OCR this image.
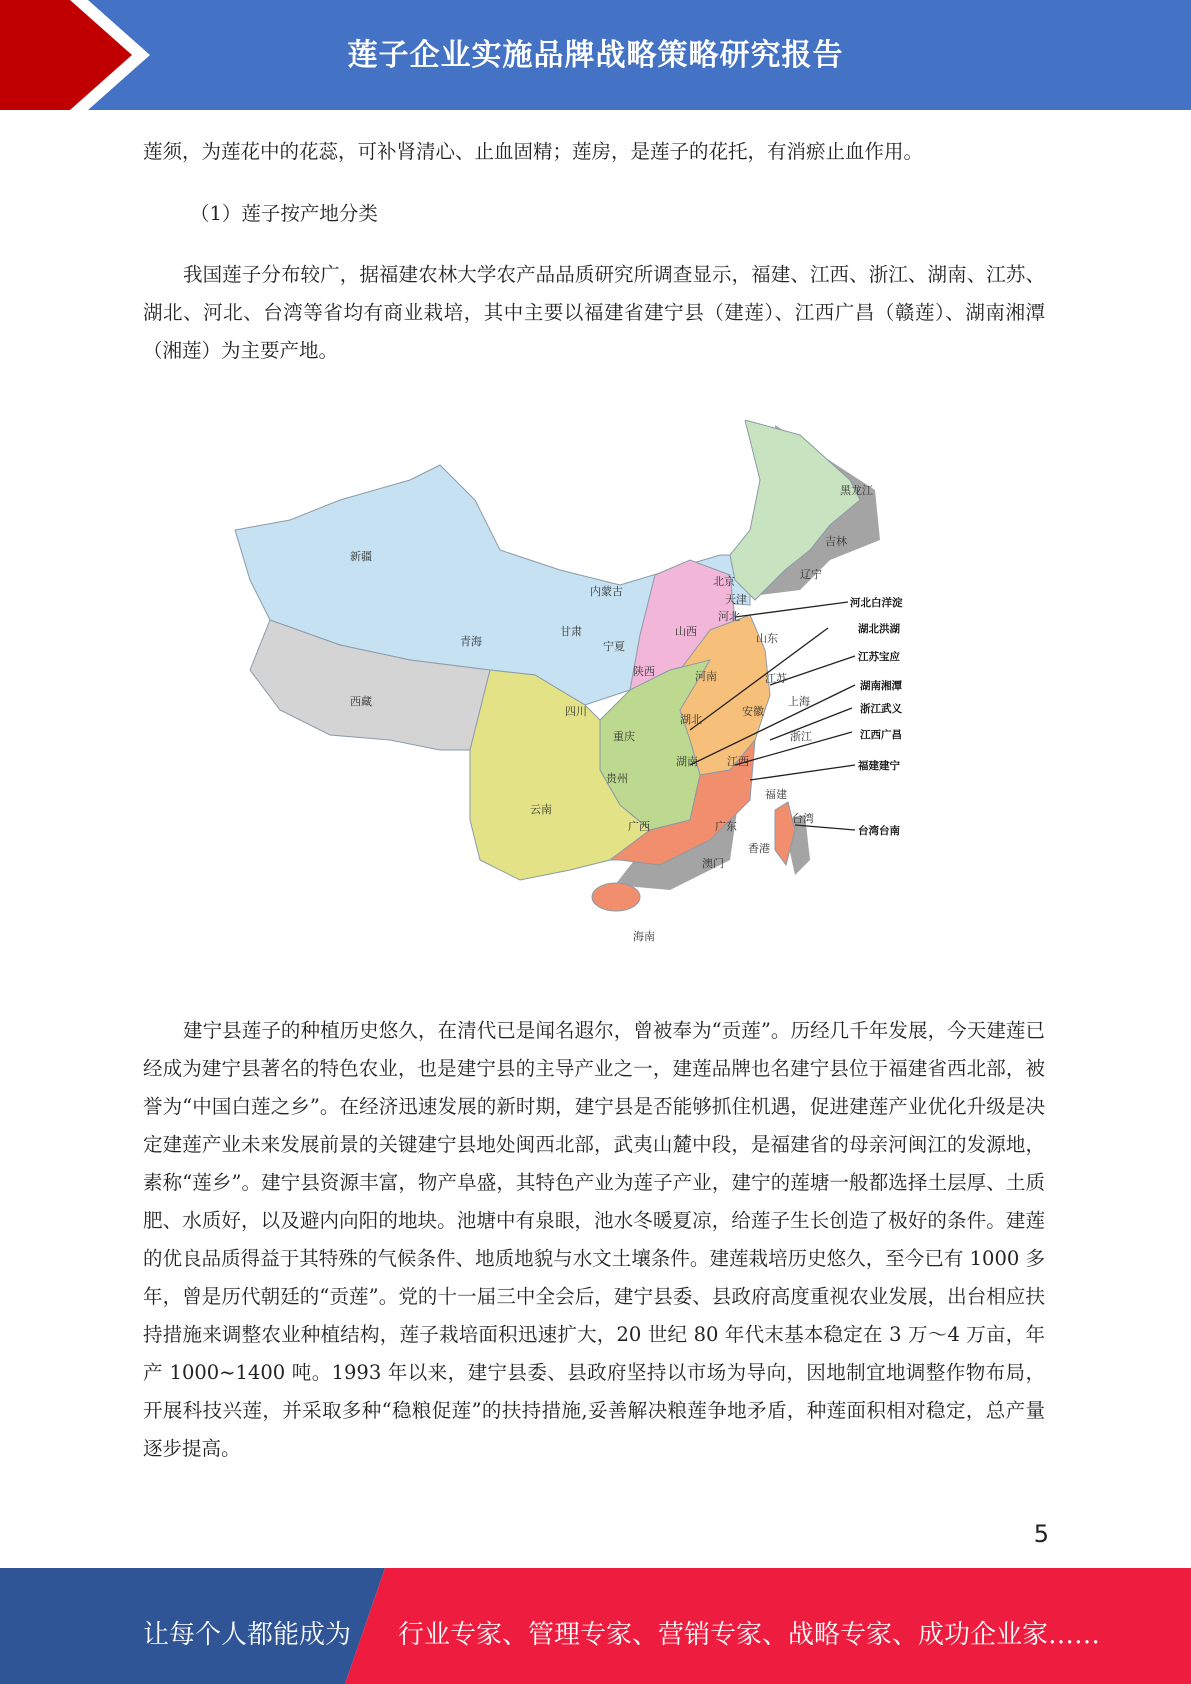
莲子企业实施品牌战略策略研究报告

莲须，为莲花中的花蕊，可补肾清心、止血固精；莲房，是莲子的花托，有消瘀止血作用。

（1）莲子按产地分类

我国莲子分布较广，据福建农林大学农产品品质研究所调查显示，福建、江西、浙江、湖南、江苏、湖北、河北、台湾等省均有商业栽培，其中主要以福建省建宁县（建莲）、江西广昌（赣莲）、湖南湘潭（湘莲）为主要产地。

新疆
西藏
青海
甘肃
内蒙古
宁夏
陕西
山西
北京
天津
河北
黑龙江
吉林
辽宁
山东
河南	江苏
安徽
湖北
上海
浙江
四川
重庆
贵州
湖南	江西
福建
云南
广西	广东
香港
澳门
海南
台湾
河北白洋淀
湖北洪湖
江苏宝应
湖南湘潭
浙江武义
江西广昌
福建建宁
台湾台南

建宁县莲子的种植历史悠久，在清代已是闻名遐尔，曾被奉为“贡莲”。历经几千年发展，今天建莲已经成为建宁县著名的特色农业，也是建宁县的主导产业之一，建莲品牌也名建宁县位于福建省西北部，被誉为“中国白莲之乡”。在经济迅速发展的新时期，建宁县是否能够抓住机遇，促进建莲产业优化升级是决定建莲产业未来发展前景的关键建宁县地处闽西北部，武夷山麓中段，是福建省的母亲河闽江的发源地，素称“莲乡”。建宁县资源丰富，物产阜盛，其特色产业为莲子产业，建宁的莲塘一般都选择土层厚、土质肥、水质好，以及避内向阳的地块。池塘中有泉眼，池水冬暖夏凉，给莲子生长创造了极好的条件。建莲的优良品质得益于其特殊的气候条件、地质地貌与水文土壤条件。建莲栽培历史悠久，至今已有 1000 多年，曾是历代朝廷的“贡莲”。党的十一届三中全会后，建宁县委、县政府高度重视农业发展，出台相应扶持措施来调整农业种植结构，莲子栽培面积迅速扩大，20 世纪 80 年代末基本稳定在 3 万～4 万亩，年产 1000~1400 吨。1993 年以来，建宁县委、县政府坚持以市场为导向，因地制宜地调整作物布局，开展科技兴莲，并采取多种“稳粮促莲”的扶持措施,妥善解决粮莲争地矛盾，种莲面积相对稳定，总产量逐步提高。

5
让每个人都能成为 行业专家、管理专家、营销专家、战略专家、成功企业家……
